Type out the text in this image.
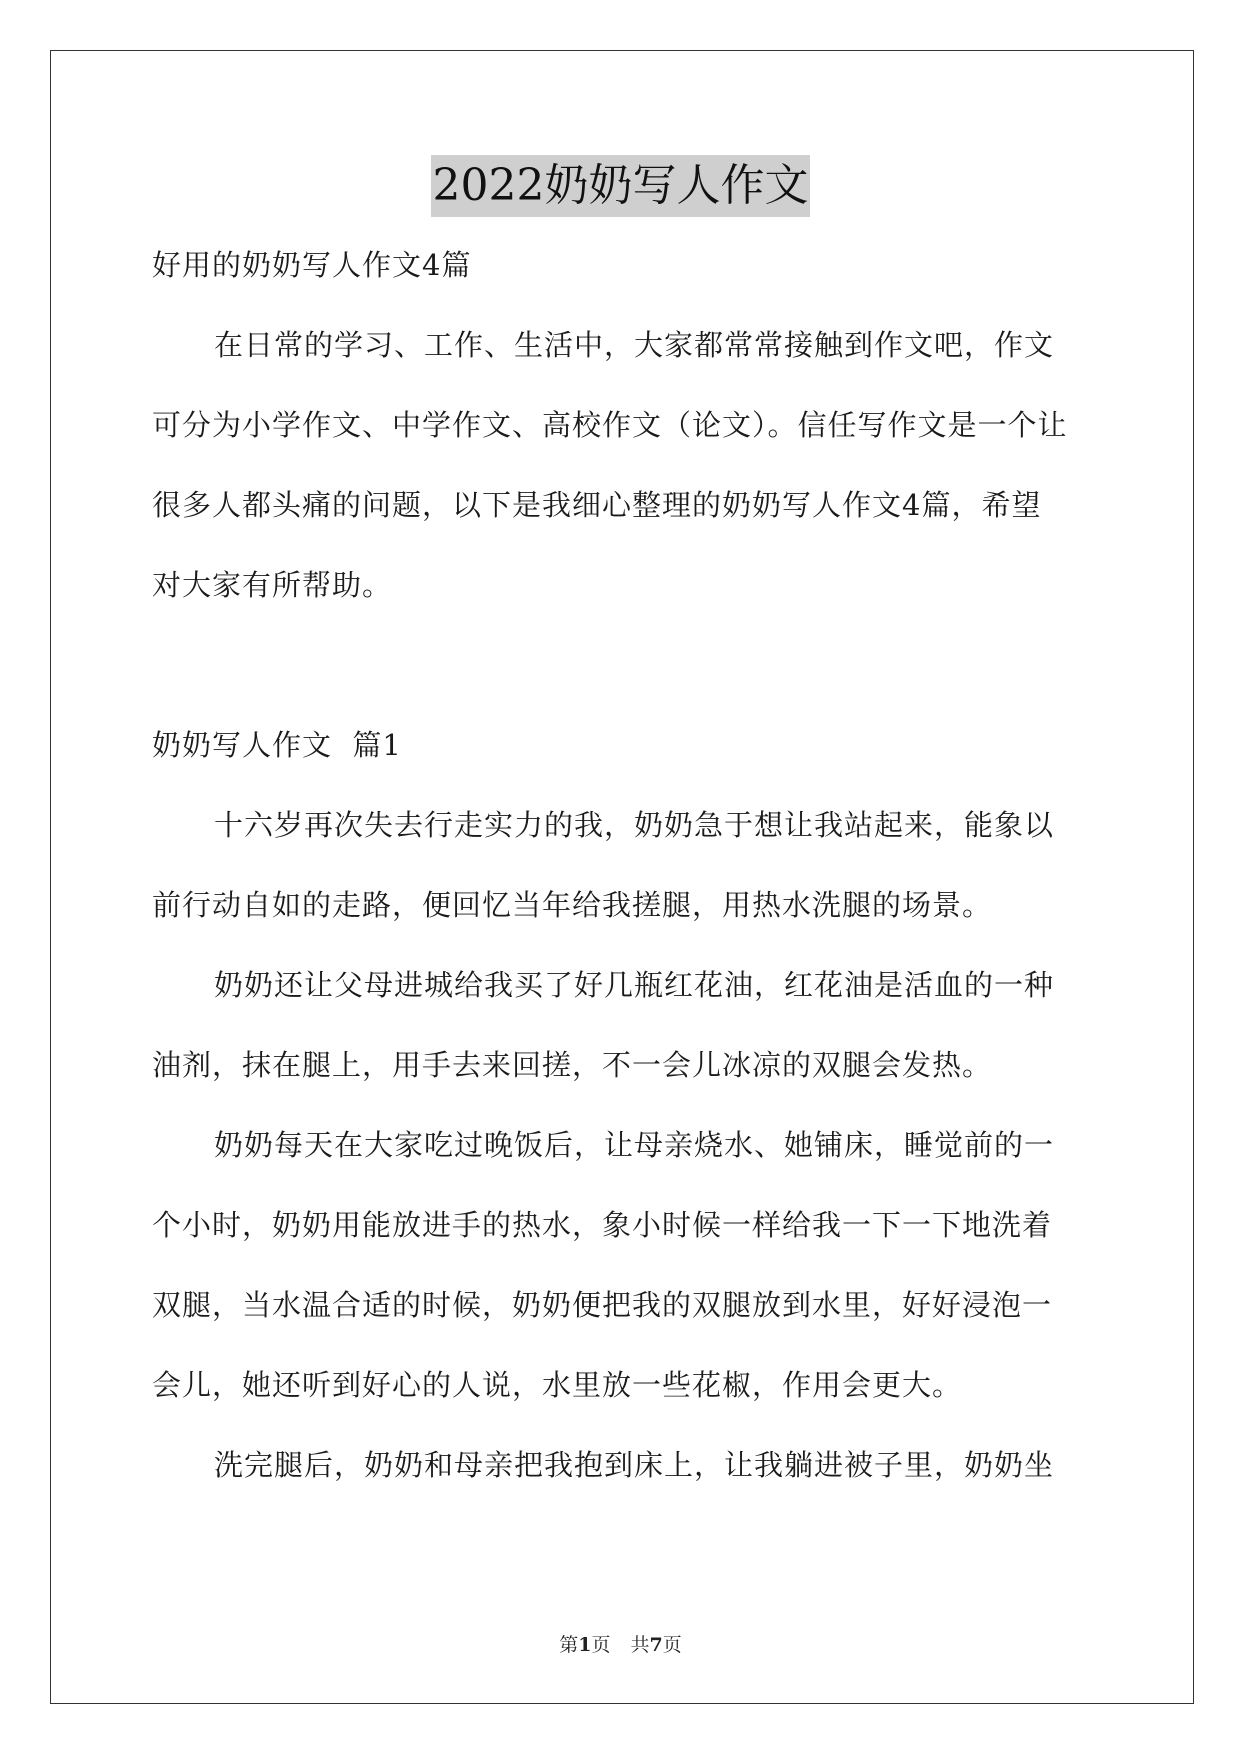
2022奶奶写人作文
好用的奶奶写人作文4篇
在日常的学习、工作、生活中，大家都常常接触到作文吧，作文
可分为小学作文、中学作文、高校作文（论文）。信任写作文是一个让
很多人都头痛的问题，以下是我细心整理的奶奶写人作文4篇，希望
对大家有所帮助。
奶奶写人作文  篇1
十六岁再次失去行走实力的我，奶奶急于想让我站起来，能象以
前行动自如的走路，便回忆当年给我搓腿，用热水洗腿的场景。
奶奶还让父母进城给我买了好几瓶红花油，红花油是活血的一种
油剂，抹在腿上，用手去来回搓，不一会儿冰凉的双腿会发热。
奶奶每天在大家吃过晚饭后，让母亲烧水、她铺床，睡觉前的一
个小时，奶奶用能放进手的热水，象小时候一样给我一下一下地洗着
双腿，当水温合适的时候，奶奶便把我的双腿放到水里，好好浸泡一
会儿，她还听到好心的人说，水里放一些花椒，作用会更大。
洗完腿后，奶奶和母亲把我抱到床上，让我躺进被子里，奶奶坐
第1页 共7页
